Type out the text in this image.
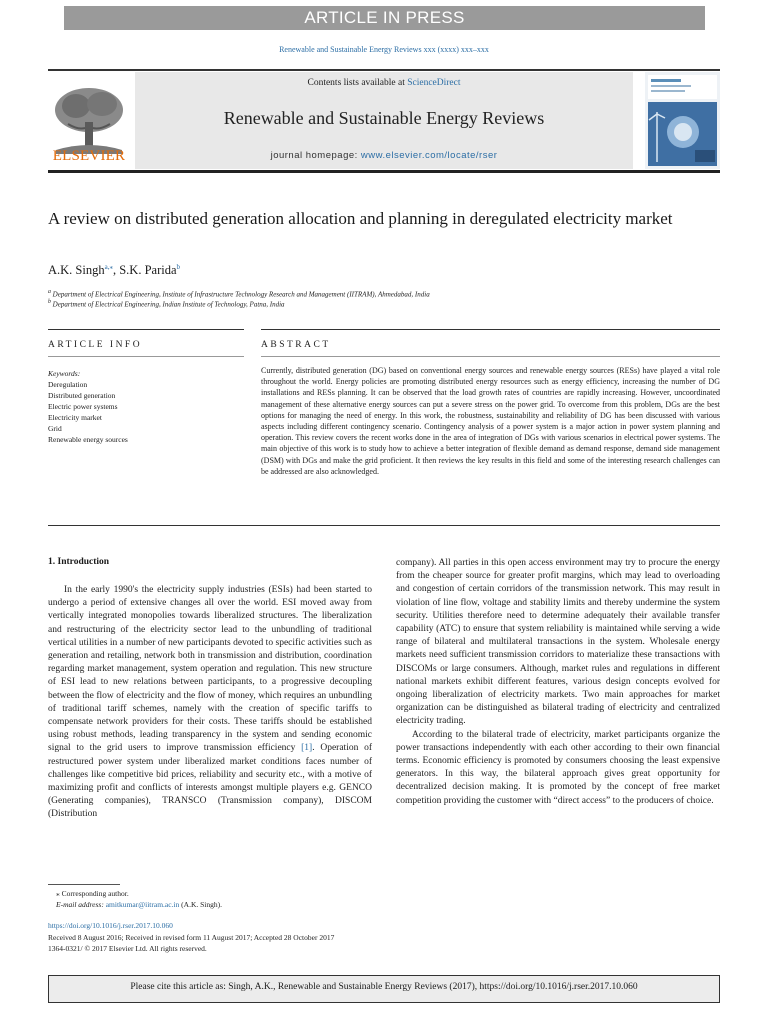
ARTICLE IN PRESS
Renewable and Sustainable Energy Reviews xxx (xxxx) xxx–xxx
ELSEVIER
Contents lists available at ScienceDirect
Renewable and Sustainable Energy Reviews
journal homepage: www.elsevier.com/locate/rser
A review on distributed generation allocation and planning in deregulated electricity market
A.K. Singh$^{a,⁎}$, S.K. Parida$^b$
$^a$ Department of Electrical Engineering, Institute of Infrastructure Technology Research and Management (IITRAM), Ahmedabad, India
$^b$ Department of Electrical Engineering, Indian Institute of Technology, Patna, India
ARTICLE INFO	ABSTRACT
Keywords:
Deregulation
Distributed generation
Electric power systems
Electricity market
Grid
Renewable energy sources
Currently, distributed generation (DG) based on conventional energy sources and renewable energy sources (RESs) have played a vital role throughout the world. Energy policies are promoting distributed energy resources such as energy efficiency, increasing the number of DG installations and RESs planning. It can be observed that the load growth rates of countries are rapidly increasing. However, uncoordinated management of these alternative energy sources can put a severe stress on the power grid. To overcome from this problem, DGs are the best options for managing the need of energy. In this work, the robustness, sustainability and reliability of DG has been discussed with various aspects including different contingency scenario. Contingency analysis of a power system is a major action in power system planning and operation. This review covers the recent works done in the area of integration of DGs with various scenarios in electrical power systems. The main objective of this work is to study how to achieve a better integration of flexible demand as demand response, demand side management (DSM) with DGs and make the grid proficient. It then reviews the key results in this field and some of the interesting research challenges can be addressed are also acknowledged.
1. Introduction
In the early 1990's the electricity supply industries (ESIs) had been started to undergo a period of extensive changes all over the world. ESI moved away from vertically integrated monopolies towards liberalized structures. The liberalization and restructuring of the electricity sector lead to the unbundling of traditional vertical utilities in a number of new participants devoted to specific activities such as generation and retailing, network both in transmission and distribution, coordination regarding market management, system operation and regulation. This new structure of ESI lead to new relations between participants, to a progressive decoupling between the flow of electricity and the flow of money, which requires an unbundling of traditional tariff schemes, namely with the creation of specific tariffs to compensate network providers for their costs. These tariffs should be established using robust methods, leading transparency in the system and sending economic signal to the grid users to improve transmission efficiency [1]. Operation of restructured power system under liberalized market conditions faces number of challenges like competitive bid prices, reliability and security etc., with a motive of maximizing profit and conflicts of interests amongst multiple players e.g. GENCO (Generating companies), TRANSCO (Transmission company), DISCOM (Distribution
company). All parties in this open access environment may try to procure the energy from the cheaper source for greater profit margins, which may lead to overloading and congestion of certain corridors of the transmission network. This may result in violation of line flow, voltage and stability limits and thereby undermine the system security. Utilities therefore need to determine adequately their available transfer capability (ATC) to ensure that system reliability is maintained while serving a wide range of bilateral and multilateral transactions in the system. Wholesale energy markets need sufficient transmission corridors to materialize these transactions with DISCOMs or large consumers. Although, market rules and regulations in different national markets exhibit different features, various design concepts evolved for ongoing liberalization of electricity markets. Two main approaches for market organization can be distinguished as bilateral trading of electricity and centralized electricity trading.
According to the bilateral trade of electricity, market participants organize the power transactions independently with each other according to their own financial terms. Economic efficiency is promoted by consumers choosing the least expensive generators. In this way, the bilateral approach gives great opportunity for decentralized decision making. It is promoted by the concept of free market competition providing the customer with “direct access” to the producers of choice.
⁎ Corresponding author.
E-mail address: amitkumar@iitram.ac.in (A.K. Singh).
https://doi.org/10.1016/j.rser.2017.10.060
Received 8 August 2016; Received in revised form 11 August 2017; Accepted 28 October 2017
1364-0321/ © 2017 Elsevier Ltd. All rights reserved.
Please cite this article as: Singh, A.K., Renewable and Sustainable Energy Reviews (2017), https://doi.org/10.1016/j.rser.2017.10.060
